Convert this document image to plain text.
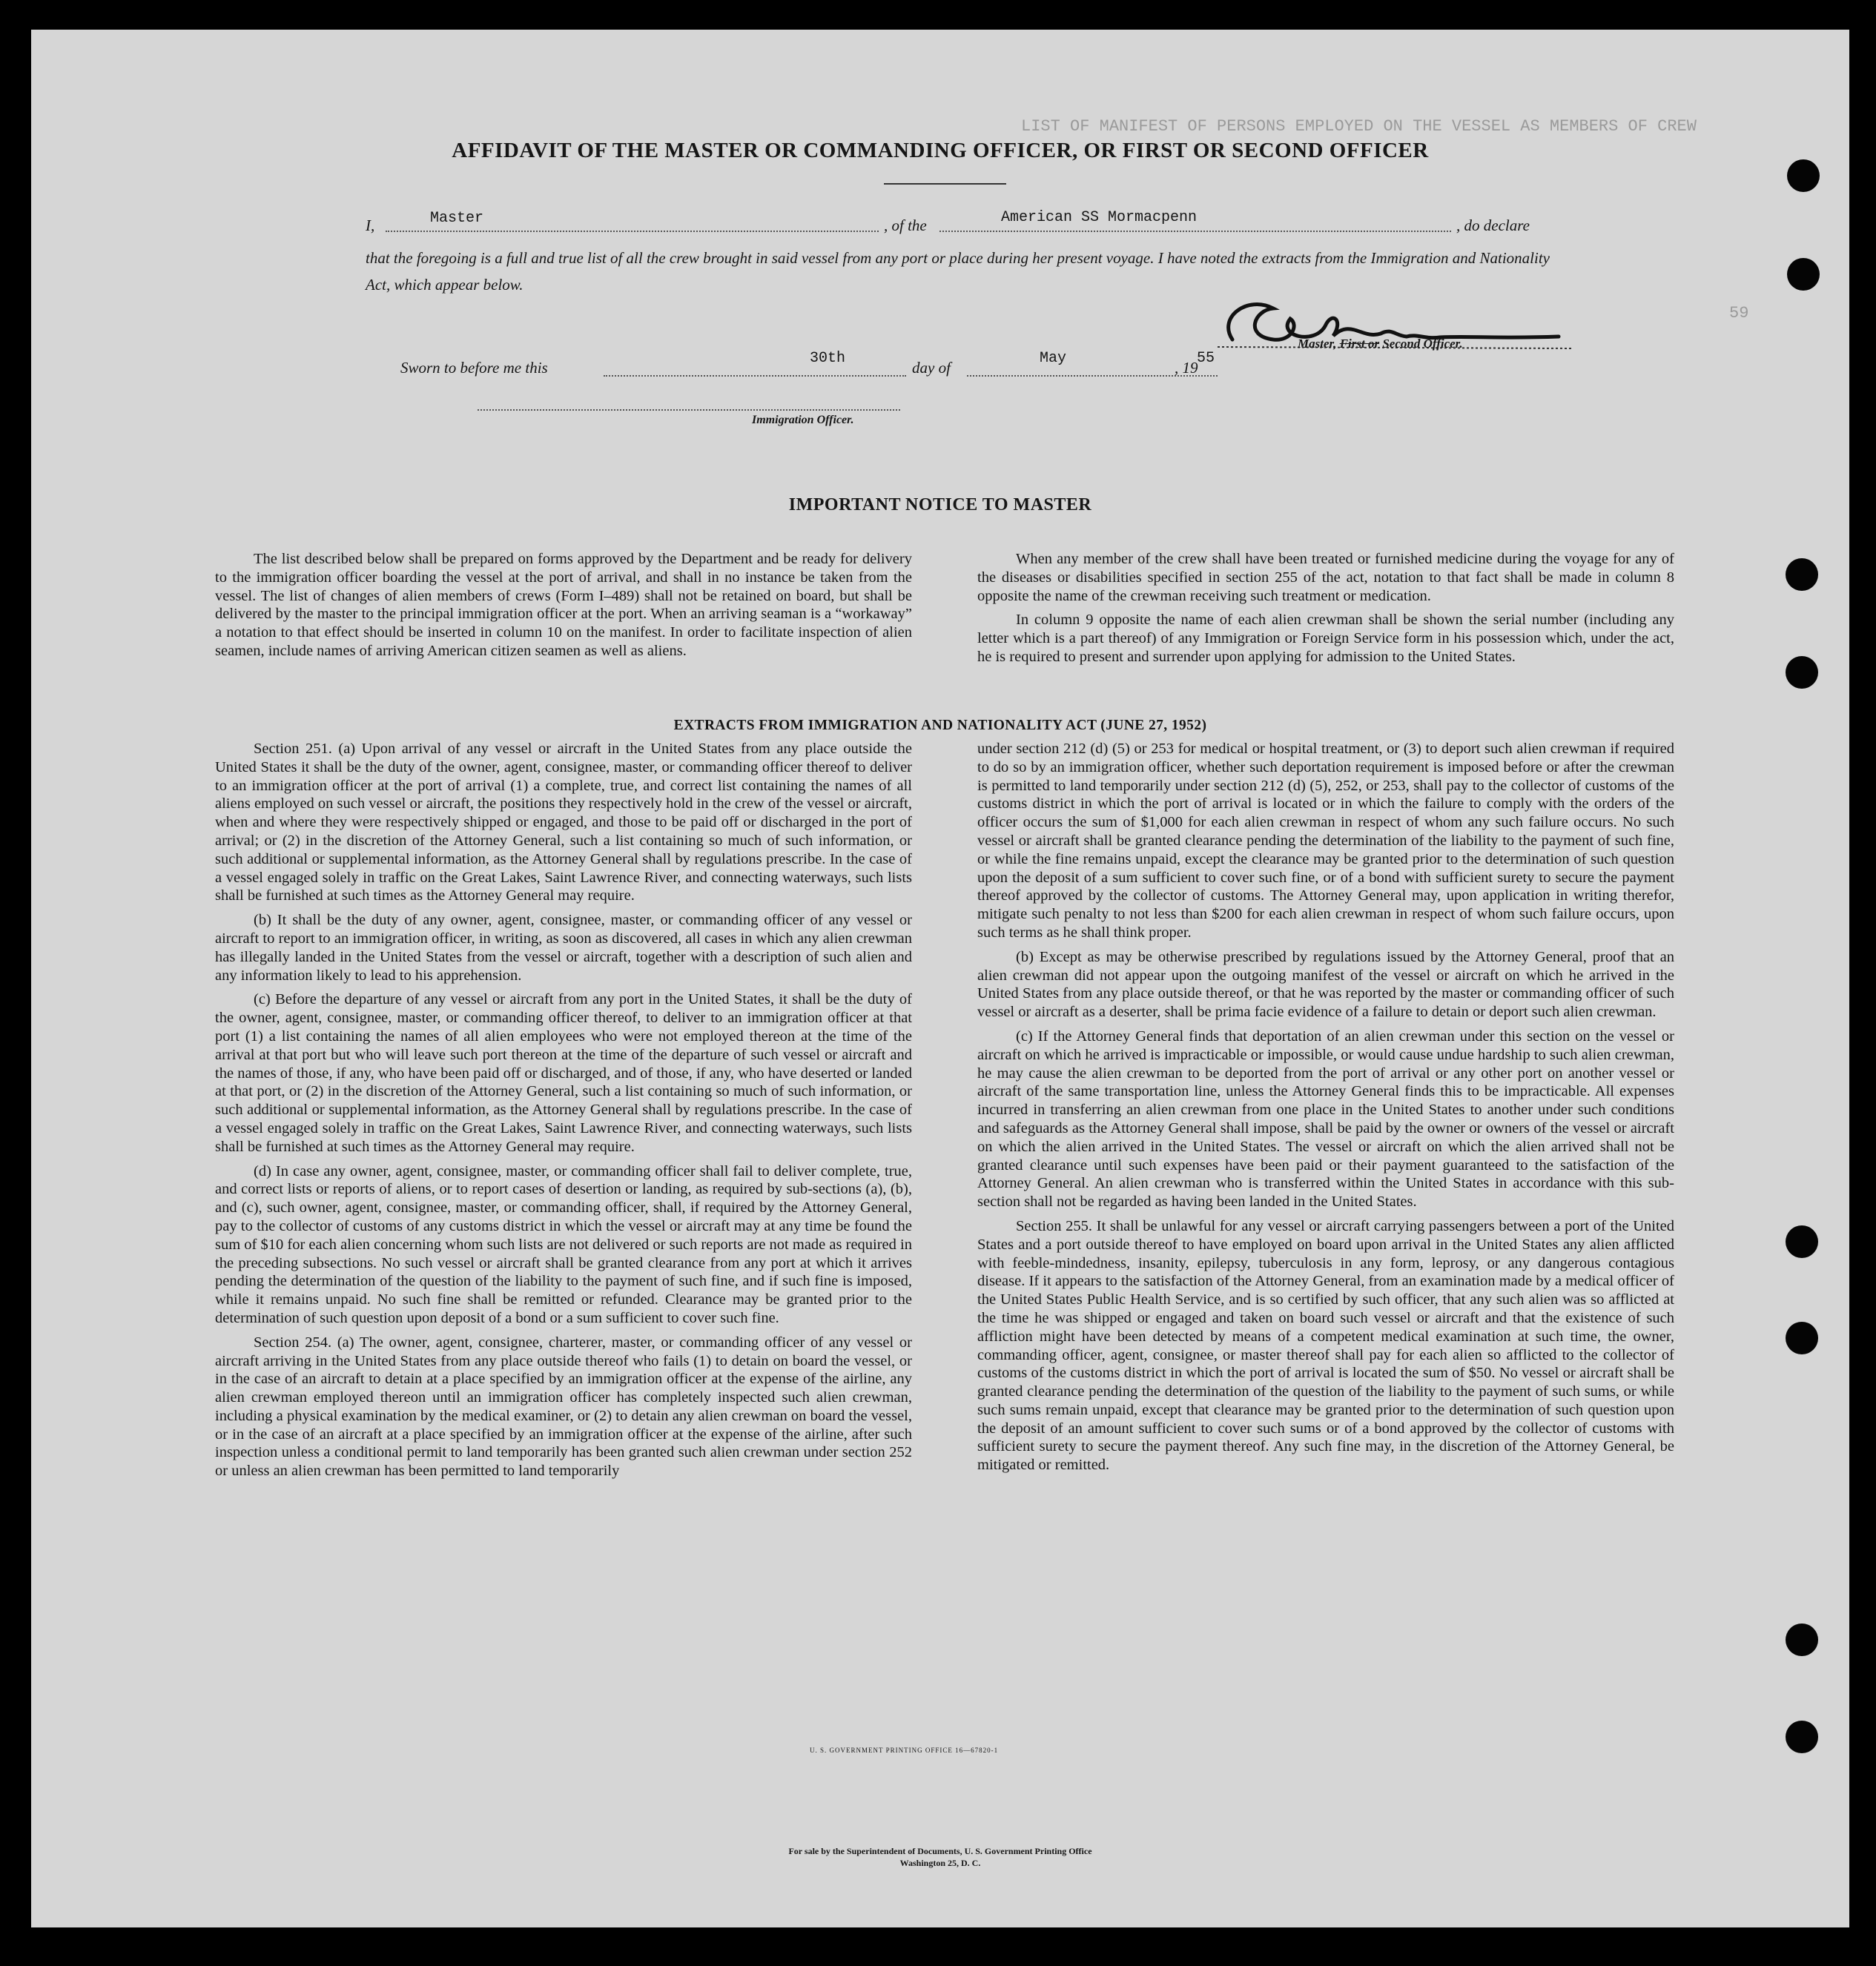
LIST OF MANIFEST OF PERSONS EMPLOYED ON THE VESSEL AS MEMBERS OF CREW
59
AFFIDAVIT OF THE MASTER OR COMMANDING OFFICER, OR FIRST OR SECOND OFFICER
I,	Master	, of the	American SS Mormacpenn	, do declare
that the foregoing is a full and true list of all the crew brought in said vessel from any port or place during her present voyage. I have noted the extracts from the Immigration and Nationality Act, which appear below.
Master, First or Second Officer.
Sworn to before me this
30th
day of
May
, 19
55
Immigration Officer.
IMPORTANT NOTICE TO MASTER

The list described below shall be prepared on forms approved by the Department and be ready for delivery to the immigration officer boarding the vessel at the port of arrival, and shall in no instance be taken from the vessel. The list of changes of alien members of crews (Form I–489) shall not be retained on board, but shall be delivered by the master to the principal immigration officer at the port. When an arriving seaman is a “workaway” a notation to that effect should be inserted in column 10 on the manifest. In order to facilitate inspection of alien seamen, include names of arriving American citizen seamen as well as aliens.

When any member of the crew shall have been treated or furnished medicine during the voyage for any of the diseases or disabilities specified in section 255 of the act, notation to that fact shall be made in column 8 opposite the name of the crewman receiving such treatment or medication.

In column 9 opposite the name of each alien crewman shall be shown the serial number (including any letter which is a part thereof) of any Immigration or Foreign Service form in his possession which, under the act, he is required to present and surrender upon applying for admission to the United States.

EXTRACTS FROM IMMIGRATION AND NATIONALITY ACT (JUNE 27, 1952)

Section 251. (a) Upon arrival of any vessel or aircraft in the United States from any place outside the United States it shall be the duty of the owner, agent, consignee, master, or commanding officer thereof to deliver to an immigration officer at the port of arrival (1) a complete, true, and correct list containing the names of all aliens employed on such vessel or aircraft, the positions they respectively hold in the crew of the vessel or aircraft, when and where they were respectively shipped or engaged, and those to be paid off or discharged in the port of arrival; or (2) in the discretion of the Attorney General, such a list containing so much of such information, or such additional or supplemental information, as the Attorney General shall by regulations prescribe. In the case of a vessel engaged solely in traffic on the Great Lakes, Saint Lawrence River, and connecting waterways, such lists shall be furnished at such times as the Attorney General may require.

(b) It shall be the duty of any owner, agent, consignee, master, or commanding officer of any vessel or aircraft to report to an immigration officer, in writing, as soon as discovered, all cases in which any alien crewman has illegally landed in the United States from the vessel or aircraft, together with a description of such alien and any information likely to lead to his apprehension.

(c) Before the departure of any vessel or aircraft from any port in the United States, it shall be the duty of the owner, agent, consignee, master, or commanding officer thereof, to deliver to an immigration officer at that port (1) a list containing the names of all alien employees who were not employed thereon at the time of the arrival at that port but who will leave such port thereon at the time of the departure of such vessel or aircraft and the names of those, if any, who have been paid off or discharged, and of those, if any, who have deserted or landed at that port, or (2) in the discretion of the Attorney General, such a list containing so much of such information, or such additional or supplemental information, as the Attorney General shall by regulations prescribe. In the case of a vessel engaged solely in traffic on the Great Lakes, Saint Lawrence River, and connecting waterways, such lists shall be furnished at such times as the Attorney General may require.

(d) In case any owner, agent, consignee, master, or commanding officer shall fail to deliver complete, true, and correct lists or reports of aliens, or to report cases of desertion or landing, as required by sub-sections (a), (b), and (c), such owner, agent, consignee, master, or commanding officer, shall, if required by the Attorney General, pay to the collector of customs of any customs district in which the vessel or aircraft may at any time be found the sum of $10 for each alien concerning whom such lists are not delivered or such reports are not made as required in the preceding subsections. No such vessel or aircraft shall be granted clearance from any port at which it arrives pending the determination of the question of the liability to the payment of such fine, and if such fine is imposed, while it remains unpaid. No such fine shall be remitted or refunded. Clearance may be granted prior to the determination of such question upon deposit of a bond or a sum sufficient to cover such fine.

Section 254. (a) The owner, agent, consignee, charterer, master, or commanding officer of any vessel or aircraft arriving in the United States from any place outside thereof who fails (1) to detain on board the vessel, or in the case of an aircraft to detain at a place specified by an immigration officer at the expense of the airline, any alien crewman employed thereon until an immigration officer has completely inspected such alien crewman, including a physical examination by the medical examiner, or (2) to detain any alien crewman on board the vessel, or in the case of an aircraft at a place specified by an immigration officer at the expense of the airline, after such inspection unless a conditional permit to land temporarily has been granted such alien crewman under section 252 or unless an alien crewman has been permitted to land temporarily

under section 212 (d) (5) or 253 for medical or hospital treatment, or (3) to deport such alien crewman if required to do so by an immigration officer, whether such deportation requirement is imposed before or after the crewman is permitted to land temporarily under section 212 (d) (5), 252, or 253, shall pay to the collector of customs of the customs district in which the port of arrival is located or in which the failure to comply with the orders of the officer occurs the sum of $1,000 for each alien crewman in respect of whom any such failure occurs. No such vessel or aircraft shall be granted clearance pending the determination of the liability to the payment of such fine, or while the fine remains unpaid, except the clearance may be granted prior to the determination of such question upon the deposit of a sum sufficient to cover such fine, or of a bond with sufficient surety to secure the payment thereof approved by the collector of customs. The Attorney General may, upon application in writing therefor, mitigate such penalty to not less than $200 for each alien crewman in respect of whom such failure occurs, upon such terms as he shall think proper.

(b) Except as may be otherwise prescribed by regulations issued by the Attorney General, proof that an alien crewman did not appear upon the outgoing manifest of the vessel or aircraft on which he arrived in the United States from any place outside thereof, or that he was reported by the master or commanding officer of such vessel or aircraft as a deserter, shall be prima facie evidence of a failure to detain or deport such alien crewman.

(c) If the Attorney General finds that deportation of an alien crewman under this section on the vessel or aircraft on which he arrived is impracticable or impossible, or would cause undue hardship to such alien crewman, he may cause the alien crewman to be deported from the port of arrival or any other port on another vessel or aircraft of the same transportation line, unless the Attorney General finds this to be impracticable. All expenses incurred in transferring an alien crewman from one place in the United States to another under such conditions and safeguards as the Attorney General shall impose, shall be paid by the owner or owners of the vessel or aircraft on which the alien arrived in the United States. The vessel or aircraft on which the alien arrived shall not be granted clearance until such expenses have been paid or their payment guaranteed to the satisfaction of the Attorney General. An alien crewman who is transferred within the United States in accordance with this sub-section shall not be regarded as having been landed in the United States.

Section 255. It shall be unlawful for any vessel or aircraft carrying passengers between a port of the United States and a port outside thereof to have employed on board upon arrival in the United States any alien afflicted with feeble-mindedness, insanity, epilepsy, tuberculosis in any form, leprosy, or any dangerous contagious disease. If it appears to the satisfaction of the Attorney General, from an examination made by a medical officer of the United States Public Health Service, and is so certified by such officer, that any such alien was so afflicted at the time he was shipped or engaged and taken on board such vessel or aircraft and that the existence of such affliction might have been detected by means of a competent medical examination at such time, the owner, commanding officer, agent, consignee, or master thereof shall pay for each alien so afflicted to the collector of customs of the customs district in which the port of arrival is located the sum of $50. No vessel or aircraft shall be granted clearance pending the determination of the question of the liability to the payment of such sums, or while such sums remain unpaid, except that clearance may be granted prior to the determination of such question upon the deposit of an amount sufficient to cover such sums or of a bond approved by the collector of customs with sufficient surety to secure the payment thereof. Any such fine may, in the discretion of the Attorney General, be mitigated or remitted.

U. S. GOVERNMENT PRINTING OFFICE 16—67820-1
For sale by the Superintendent of Documents, U. S. Government Printing Office
Washington 25, D. C.
